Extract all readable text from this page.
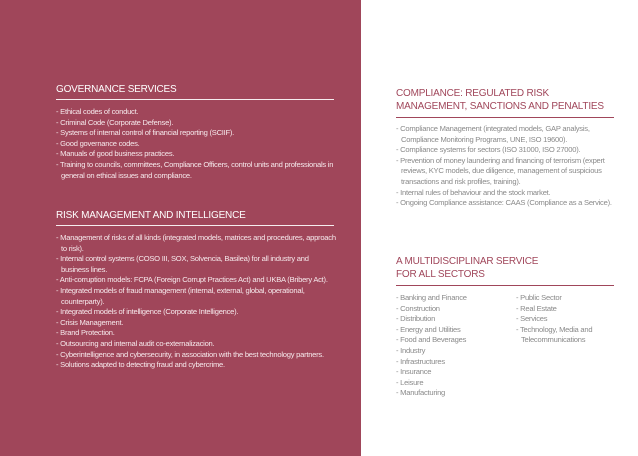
GOVERNANCE SERVICES
- Ethical codes of conduct.
- Criminal Code (Corporate Defense).
- Systems of internal control of financial reporting (SCIIF).
- Good governance codes.
- Manuals of good business practices.
- Training to councils, committees, Compliance Officers, control units and professionals in general on ethical issues and compliance.
RISK MANAGEMENT AND INTELLIGENCE
- Management of risks of all kinds (integrated models, matrices and procedures, approach to risk).
- Internal control systems (COSO III, SOX, Solvencia, Basilea) for all industry and business lines.
- Anti-corruption models: FCPA (Foreign Corrupt Practices Act) and UKBA (Bribery Act).
- Integrated models of fraud management (internal, external, global, operational, counterparty).
- Integrated models of intelligence (Corporate Intelligence).
- Crisis Management.
- Brand Protection.
- Outsourcing and internal audit co-externalizacion.
- Cyberintelligence and cybersecurity, in association with the best technology partners.
- Solutions adapted to detecting fraud and cybercrime.
COMPLIANCE: REGULATED RISK
MANAGEMENT, SANCTIONS AND PENALTIES
- Compliance Management (integrated models, GAP analysis, Compliance Monitoring Programs, UNE, ISO 19600).
- Compliance systems for sectors (ISO 31000, ISO 27000).
- Prevention of money laundering and financing of terrorism (expert reviews, KYC models, due diligence, management of suspicious transactions and risk profiles, training).
- Internal rules of behaviour and the stock market.
- Ongoing Compliance assistance: CAAS (Compliance as a Service).
A MULTIDISCIPLINAR SERVICE
FOR ALL SECTORS
- Banking and Finance
- Construction
- Distribution
- Energy and Utilities
- Food and Beverages
- Industry
- Infrastructures
- Insurance
- Leisure
- Manufacturing
- Public Sector
- Real Estate
- Services
- Technology, Media and Telecommunications
